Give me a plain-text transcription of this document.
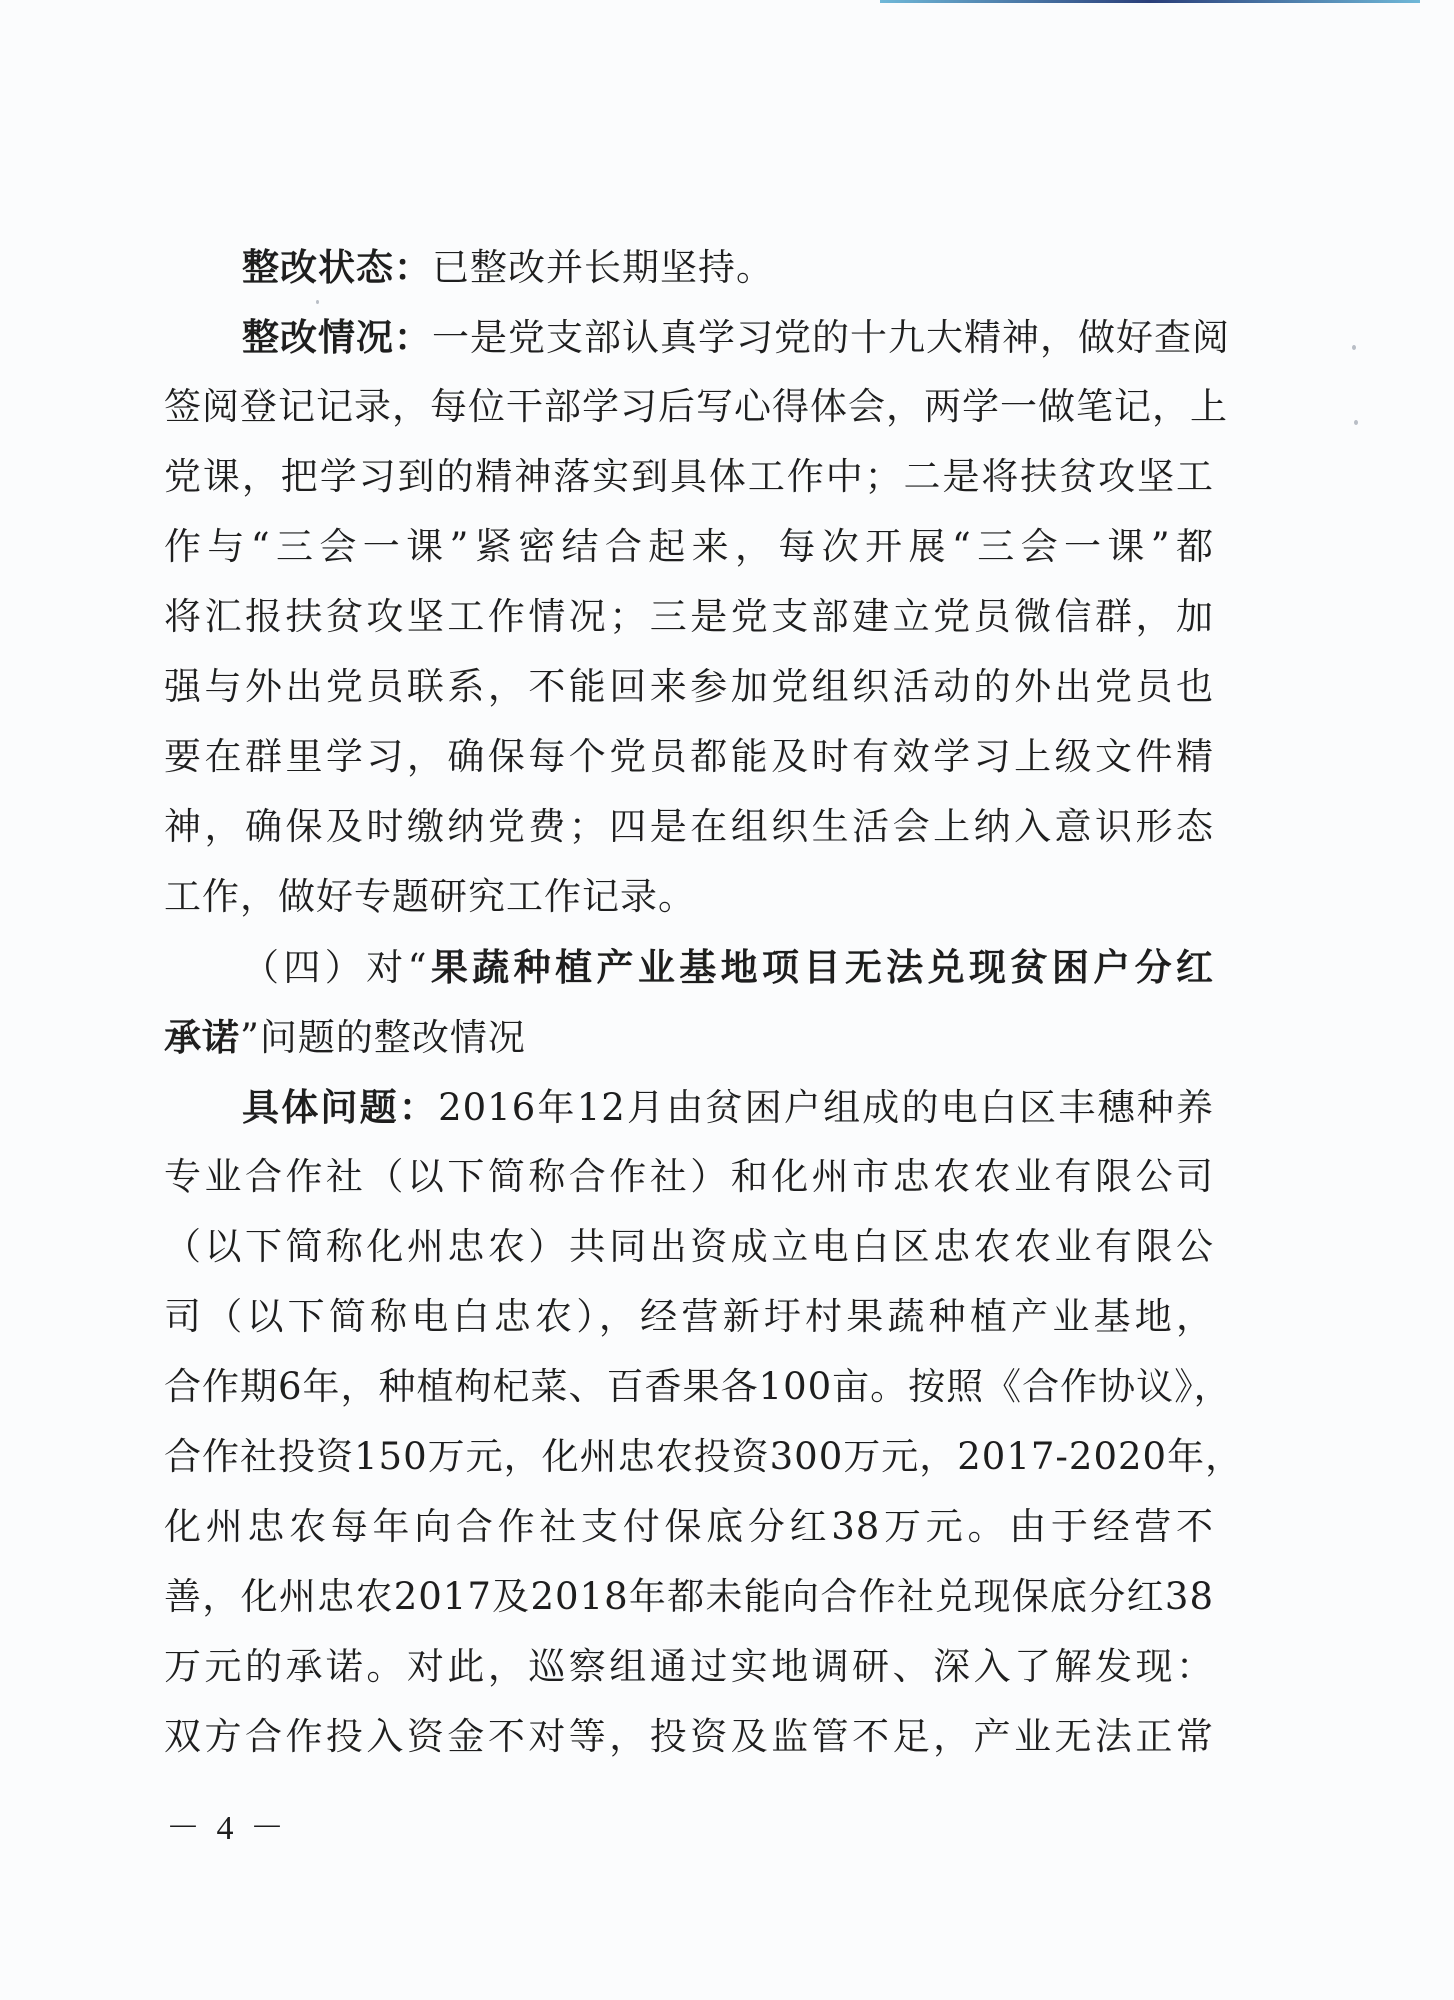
整改状态：已整改并长期坚持。
整改情况：一是党支部认真学习党的十九大精神，做好查阅
签阅登记记录，每位干部学习后写心得体会，两学一做笔记，上
党课，把学习到的精神落实到具体工作中；二是将扶贫攻坚工
作与“三会一课”紧密结合起来，每次开展“三会一课”都
将汇报扶贫攻坚工作情况；三是党支部建立党员微信群，加
强与外出党员联系，不能回来参加党组织活动的外出党员也
要在群里学习，确保每个党员都能及时有效学习上级文件精
神，确保及时缴纳党费；四是在组织生活会上纳入意识形态
工作，做好专题研究工作记录。
（四）对“果蔬种植产业基地项目无法兑现贫困户分红
承诺”问题的整改情况
具体问题：2016年12月由贫困户组成的电白区丰穗种养
专业合作社（以下简称合作社）和化州市忠农农业有限公司
（以下简称化州忠农）共同出资成立电白区忠农农业有限公
司（以下简称电白忠农），经营新圩村果蔬种植产业基地，
合作期6年，种植枸杞菜、百香果各100亩。按照《合作协议》，
合作社投资150万元，化州忠农投资300万元，2017-2020年，
化州忠农每年向合作社支付保底分红38万元。由于经营不
善，化州忠农2017及2018年都未能向合作社兑现保底分红38
万元的承诺。对此，巡察组通过实地调研、深入了解发现：
双方合作投入资金不对等，投资及监管不足，产业无法正常
－ 4 －
